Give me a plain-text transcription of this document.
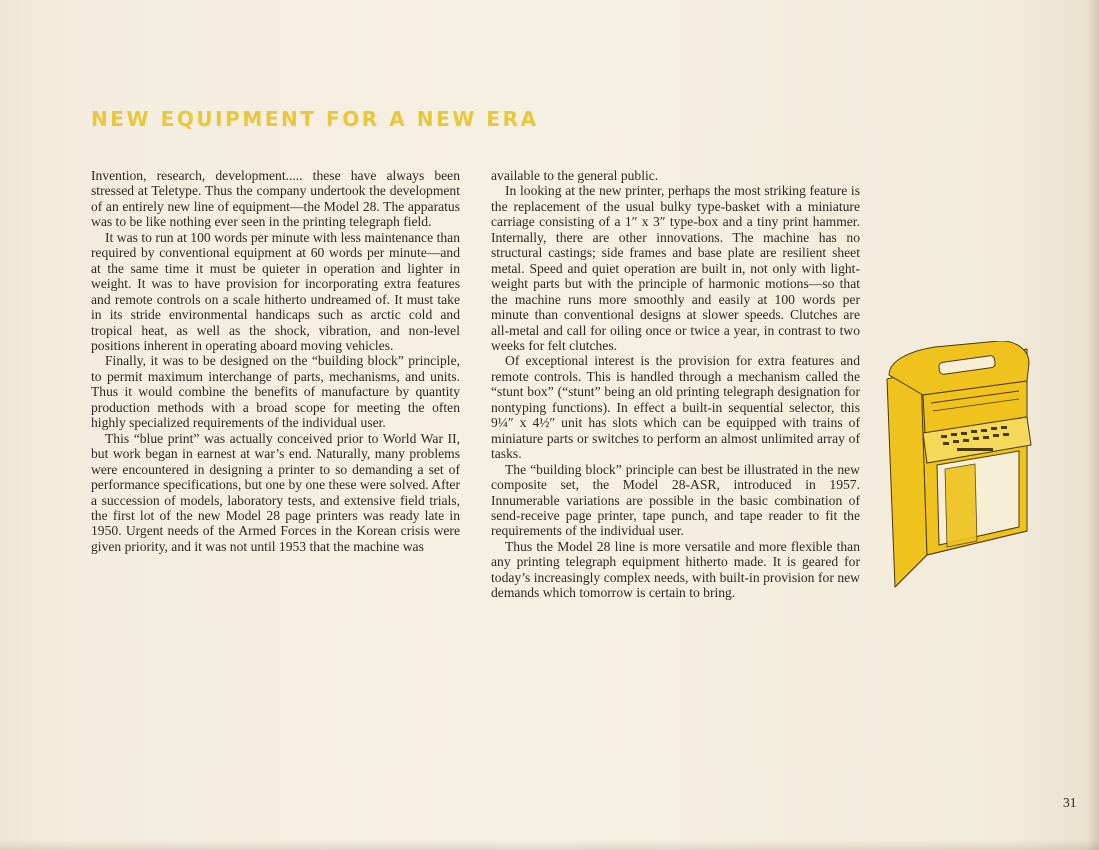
NEW EQUIPMENT FOR A NEW ERA

Invention, research, development..... these have always been stressed at Teletype. Thus the company undertook the development of an entirely new line of equipment—the Model 28. The apparatus was to be like nothing ever seen in the printing telegraph field.

It was to run at 100 words per minute with less maintenance than required by conventional equipment at 60 words per minute—and at the same time it must be quieter in operation and lighter in weight. It was to have provision for incorporating extra features and remote controls on a scale hitherto undreamed of. It must take in its stride environmental handicaps such as arctic cold and tropical heat, as well as the shock, vibration, and non-level positions inherent in operating aboard moving vehicles.

Finally, it was to be designed on the “building block” principle, to permit maximum interchange of parts, mechanisms, and units. Thus it would combine the benefits of manufacture by quantity production methods with a broad scope for meeting the often highly specialized requirements of the individual user.

This “blue print” was actually conceived prior to World War II, but work began in earnest at war’s end. Naturally, many problems were encountered in designing a printer to so demanding a set of performance specifications, but one by one these were solved. After a succession of models, laboratory tests, and extensive field trials, the first lot of the new Model 28 page printers was ready late in 1950. Urgent needs of the Armed Forces in the Korean crisis were given priority, and it was not until 1953 that the machine was

available to the general public.

In looking at the new printer, perhaps the most striking feature is the replacement of the usual bulky type-basket with a miniature carriage consisting of a 1″ x 3″ type-box and a tiny print hammer. Internally, there are other innovations. The machine has no structural castings; side frames and base plate are resilient sheet metal. Speed and quiet operation are built in, not only with light-weight parts but with the principle of harmonic motions—so that the machine runs more smoothly and easily at 100 words per minute than conventional designs at slower speeds. Clutches are all-metal and call for oiling once or twice a year, in contrast to two weeks for felt clutches.

Of exceptional interest is the provision for extra features and remote controls. This is handled through a mechanism called the “stunt box” (“stunt” being an old printing telegraph designation for nontyping functions). In effect a built-in sequential selector, this 9¼″ x 4½″ unit has slots which can be equipped with trains of miniature parts or switches to perform an almost unlimited array of tasks.

The “building block” principle can best be illustrated in the new composite set, the Model 28-ASR, introduced in 1957. Innumerable variations are possible in the basic combination of send-receive page printer, tape punch, and tape reader to fit the requirements of the individual user.

Thus the Model 28 line is more versatile and more flexible than any printing telegraph equipment hitherto made. It is geared for today’s increasingly complex needs, with built-in provision for new demands which tomorrow is certain to bring.

31
